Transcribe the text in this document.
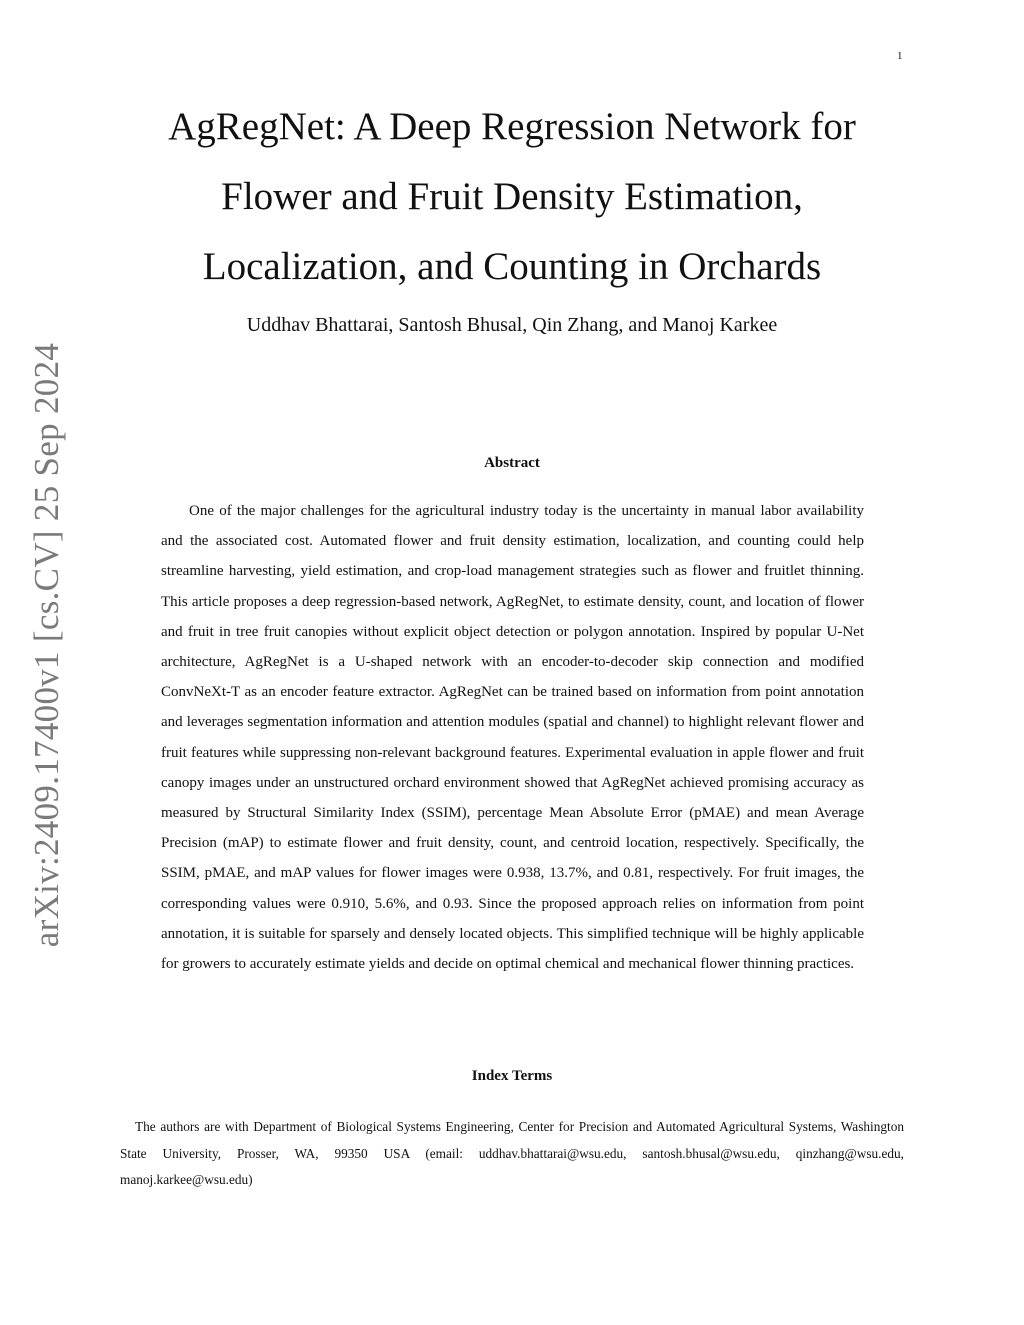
1
arXiv:2409.17400v1 [cs.CV] 25 Sep 2024
AgRegNet: A Deep Regression Network for
Flower and Fruit Density Estimation,
Localization, and Counting in Orchards
Uddhav Bhattarai, Santosh Bhusal, Qin Zhang, and Manoj Karkee
Abstract

One of the major challenges for the agricultural industry today is the uncertainty in manual labor availability and the associated cost. Automated flower and fruit density estimation, localization, and counting could help streamline harvesting, yield estimation, and crop-load management strategies such as flower and fruitlet thinning. This article proposes a deep regression-based network, AgRegNet, to estimate density, count, and location of flower and fruit in tree fruit canopies without explicit object detection or polygon annotation. Inspired by popular U-Net architecture, AgRegNet is a U-shaped network with an encoder-to-decoder skip connection and modified ConvNeXt-T as an encoder feature extractor. AgRegNet can be trained based on information from point annotation and leverages segmentation information and attention modules (spatial and channel) to highlight relevant flower and fruit features while suppressing non-relevant background features. Experimental evaluation in apple flower and fruit canopy images under an unstructured orchard environment showed that AgRegNet achieved promising accuracy as measured by Structural Similarity Index (SSIM), percentage Mean Absolute Error (pMAE) and mean Average Precision (mAP) to estimate flower and fruit density, count, and centroid location, respectively. Specifically, the SSIM, pMAE, and mAP values for flower images were 0.938, 13.7%, and 0.81, respectively. For fruit images, the corresponding values were 0.910, 5.6%, and 0.93. Since the proposed approach relies on information from point annotation, it is suitable for sparsely and densely located objects. This simplified technique will be highly applicable for growers to accurately estimate yields and decide on optimal chemical and mechanical flower thinning practices.

Index Terms

The authors are with Department of Biological Systems Engineering, Center for Precision and Automated Agricultural Systems, Washington State University, Prosser, WA, 99350 USA (email: uddhav.bhattarai@wsu.edu, santosh.bhusal@wsu.edu, qinzhang@wsu.edu, manoj.karkee@wsu.edu)
